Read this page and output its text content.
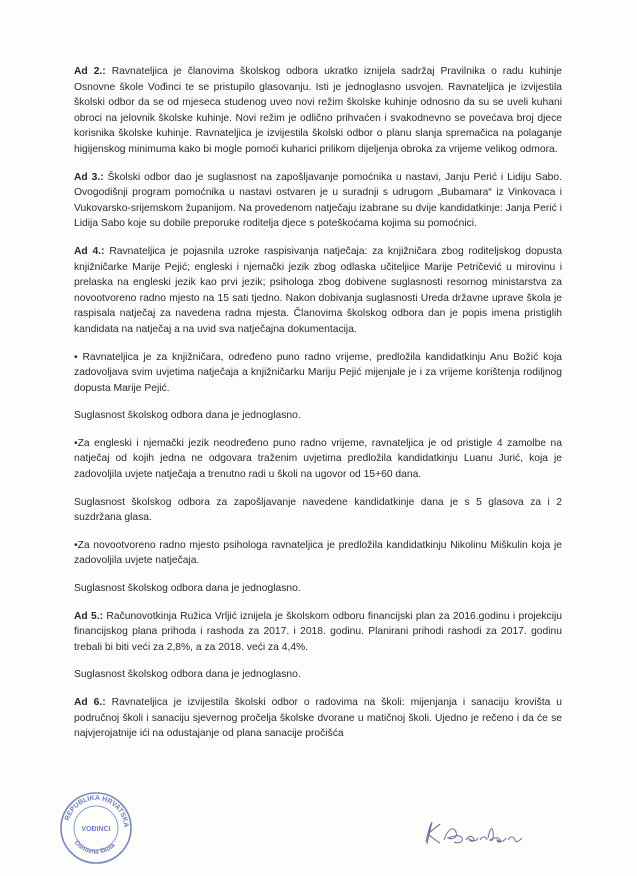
Ad 2.: Ravnateljica je članovima školskog odbora ukratko iznijela sadržaj Pravilnika o radu kuhinje Osnovne škole Vođinci te se pristupilo glasovanju. Isti je jednoglasno usvojen. Ravnateljica je izvijestila školski odbor da se od mjeseca studenog uveo novi režim školske kuhinje odnosno da su se uveli kuhani obroci na jelovnik školske kuhinje. Novi režim je odlično prihvaćen i svakodnevno se povećava broj djece korisnika školske kuhinje. Ravnateljica je izvijestila školski odbor o planu slanja spremačica na polaganje higijenskog minimuma kako bi mogle pomoći kuharici prilikom dijeljenja obroka za vrijeme velikog odmora.

Ad 3.: Školski odbor dao je suglasnost na zapošljavanje pomoćnika u nastavi, Janju Perić i Lidiju Sabo. Ovogodišnji program pomoćnika u nastavi ostvaren je u suradnji s udrugom „Bubamara“ iz Vinkovaca i Vukovarsko-srijemskom županijom. Na provedenom natječaju izabrane su dvije kandidatkinje: Janja Perić i Lidija Sabo koje su dobile preporuke roditelja djece s poteškoćama kojima su pomoćnici.

Ad 4.: Ravnateljica je pojasnila uzroke raspisivanja natječaja: za knjižničara zbog roditeljskog dopusta knjižničarke Marije Pejić; engleski i njemački jezik zbog odlaska učiteljice Marije Petričević u mirovinu i prelaska na engleski jezik kao prvi jezik; psihologa zbog dobivene suglasnosti resornog ministarstva za novootvoreno radno mjesto na 15 sati tjedno. Nakon dobivanja suglasnosti Ureda državne uprave škola je raspisala natječaj za navedena radna mjesta. Članovima školskog odbora dan je popis imena pristiglih kandidata na natječaj a na uvid sva natječajna dokumentacija.

• Ravnateljica je za knjižničara, određeno puno radno vrijeme, predložila kandidatkinju Anu Božić koja zadovoljava svim uvjetima natječaja a knjižničarku Mariju Pejić mijenjale je i za vrijeme korištenja rodiljnog dopusta Marije Pejić.

Suglasnost školskog odbora dana je jednoglasno.

•Za engleski i njemački jezik neodređeno puno radno vrijeme, ravnateljica je od pristigle 4 zamolbe na natječaj od kojih jedna ne odgovara traženim uvjetima predložila kandidatkinju Luanu Jurić, koja je zadovoljila uvjete natječaja a trenutno radi u školi na ugovor od 15+60 dana.

Suglasnost školskog odbora za zapošljavanje navedene kandidatkinje dana je s 5 glasova za i 2 suzdržana glasa.

•Za novootvoreno radno mjesto psihologa ravnateljica je predložila kandidatkinju Nikolinu Miškulin koja je zadovoljila uvjete natječaja.

Suglasnost školskog odbora dana je jednoglasno.

Ad 5.: Računovotkinja Ružica Vrljić iznijela je školskom odboru financijski plan za 2016.godinu i projekciju financijskog plana prihoda i rashoda za 2017. i 2018. godinu. Planirani prihodi rashodi za 2017. godinu trebali bi biti veći za 2,8%, a za 2018. veći za 4,4%.

Suglasnost školskog odbora dana je jednoglasno.

Ad 6.: Ravnateljica je izvijestila školski odbor o radovima na školi: mijenjanja i sanaciju krovišta u područnoj školi i sanaciju sjevernog pročelja školske dvorane u matičnoj školi. Ujedno je rečeno i da će se najvjerojatnije ići na odustajanje od plana sanacije pročišća

REPUBLIKA HRVATSKA
VOĐINCI
Osnovna škola
